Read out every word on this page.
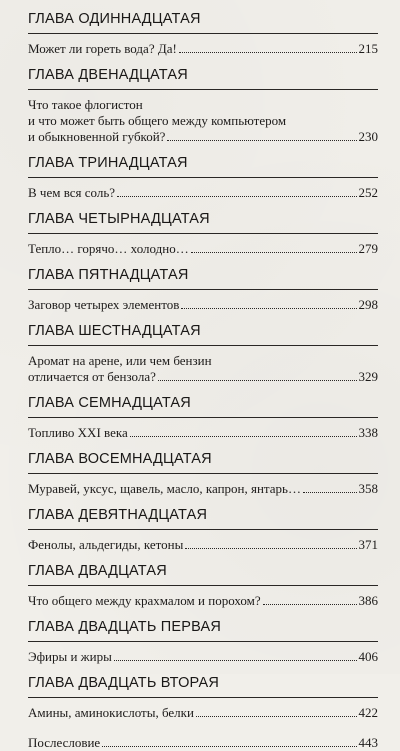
ГЛАВА ОДИННАДЦАТАЯ
Может ли гореть вода? Да!	215
ГЛАВА ДВЕНАДЦАТАЯ
Что такое флогистон
и что может быть общего между компьютером
и обыкновенной губкой?	230
ГЛАВА ТРИНАДЦАТАЯ
В чем вся соль?	252
ГЛАВА ЧЕТЫРНАДЦАТАЯ
Тепло… горячо… холодно…	279
ГЛАВА ПЯТНАДЦАТАЯ
Заговор четырех элементов	298
ГЛАВА ШЕСТНАДЦАТАЯ
Аромат на арене, или чем бензин
отличается от бензола?	329
ГЛАВА СЕМНАДЦАТАЯ
Топливо XXI века	338
ГЛАВА ВОСЕМНАДЦАТАЯ
Муравей, уксус, щавель, масло, капрон, янтарь…	358
ГЛАВА ДЕВЯТНАДЦАТАЯ
Фенолы, альдегиды, кетоны	371
ГЛАВА ДВАДЦАТАЯ
Что общего между крахмалом и порохом?	386
ГЛАВА ДВАДЦАТЬ ПЕРВАЯ
Эфиры и жиры	406
ГЛАВА ДВАДЦАТЬ ВТОРАЯ
Амины, аминокислоты, белки	422
Послесловие	443
